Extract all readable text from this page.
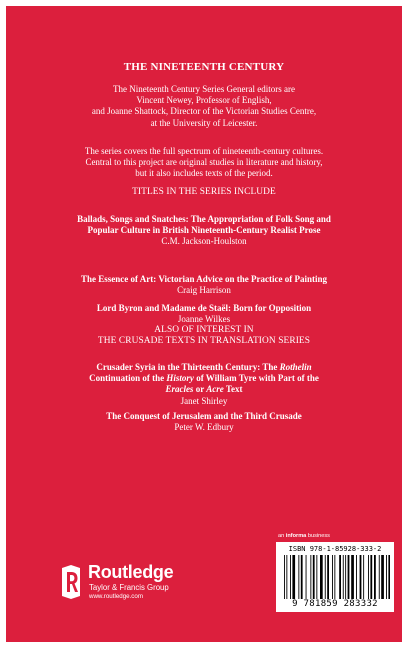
THE NINETEENTH CENTURY
The Nineteenth Century Series General editors are
Vincent Newey, Professor of English,
and Joanne Shattock, Director of the Victorian Studies Centre,
at the University of Leicester.
The series covers the full spectrum of nineteenth-century cultures.
Central to this project are original studies in literature and history,
but it also includes texts of the period.
TITLES IN THE SERIES INCLUDE
Ballads, Songs and Snatches: The Appropriation of Folk Song and
Popular Culture in British Nineteenth-Century Realist Prose
C.M. Jackson-Houlston
The Essence of Art: Victorian Advice on the Practice of Painting
Craig Harrison
Lord Byron and Madame de Staël: Born for Opposition
Joanne Wilkes
ALSO OF INTEREST IN
THE CRUSADE TEXTS IN TRANSLATION SERIES
Crusader Syria in the Thirteenth Century: The Rothelin
Continuation of the History of William Tyre with Part of the
Eracles or Acre Text
Janet Shirley
The Conquest of Jerusalem and the Third Crusade
Peter W. Edbury
Routledge
Taylor & Francis Group
www.routledge.com
an informa business
ISBN 978-1-85928-333-2
9 781859 283332
